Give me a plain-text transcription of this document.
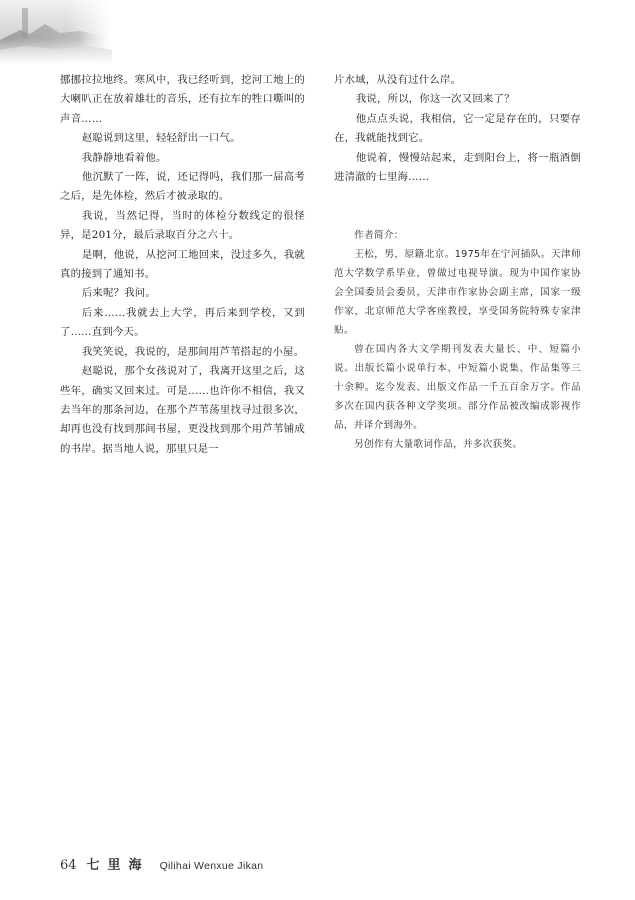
挪挪拉拉地终。寒风中，我已经听到，挖河工地上的大喇叭正在放着雄壮的音乐，还有拉车的牲口嘶叫的声音……

赵聪说到这里，轻轻舒出一口气。

我静静地看着他。

他沉默了一阵，说，还记得吗，我们那一届高考之后，是先体检，然后才被录取的。

我说，当然记得，当时的体检分数线定的很怪异，是201分，最后录取百分之六十。

是啊，他说，从挖河工地回来，没过多久，我就真的接到了通知书。

后来呢？我问。

后来……我就去上大学，再后来到学校，又到了……直到今天。

我笑笑说，我说的，是那间用芦苇搭起的小屋。

赵聪说，那个女孩说对了，我离开这里之后，这些年，确实又回来过。可是……也许你不相信，我又去当年的那条河边，在那个芦苇荡里找寻过很多次，却再也没有找到那间书屋，更没找到那个用芦苇铺成的书岸。据当地人说，那里只是一

片水域，从没有过什么岸。

我说，所以，你这一次又回来了？

他点点头说，我相信，它一定是存在的，只要存在，我就能找到它。

他说着，慢慢站起来，走到阳台上，将一瓶酒倒进清澈的七里海……

作者简介：

王松，男，原籍北京。1975年在宁河插队。天津师范大学数学系毕业，曾做过电视导演。现为中国作家协会全国委员会委员，天津市作家协会副主席，国家一级作家，北京师范大学客座教授，享受国务院特殊专家津贴。

曾在国内各大文学期刊发表大量长、中、短篇小说。出版长篇小说单行本、中短篇小说集、作品集等三十余种。迄今发表、出版文作品一千五百余万字。作品多次在国内获各种文学奖项。部分作品被改编成影视作品，并译介到海外。

另创作有大量歌词作品，并多次获奖。

64 七里海 Qilihai Wenxue Jikan
